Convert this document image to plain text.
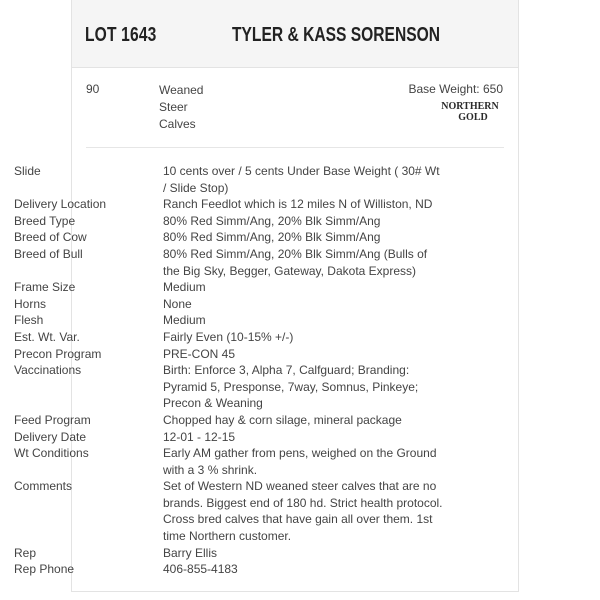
LOT 1643	TYLER & KASS SORENSON
90	Weaned
Steer
Calves
Base Weight: 650
NORTHERN
GOLD
Slide	10 cents over / 5 cents Under Base Weight ( 30# Wt / Slide Stop)
Delivery Location	Ranch Feedlot which is 12 miles N of Williston, ND
Breed Type	80% Red Simm/Ang, 20% Blk Simm/Ang
Breed of Cow	80% Red Simm/Ang, 20% Blk Simm/Ang
Breed of Bull	80% Red Simm/Ang, 20% Blk Simm/Ang (Bulls of the Big Sky, Begger, Gateway, Dakota Express)
Frame Size	Medium
Horns	None
Flesh	Medium
Est. Wt. Var.	Fairly Even (10-15% +/-)
Precon Program	PRE-CON 45
Vaccinations	Birth: Enforce 3, Alpha 7, Calfguard; Branding: Pyramid 5, Presponse, 7way, Somnus, Pinkeye; Precon & Weaning
Feed Program	Chopped hay & corn silage, mineral package
Delivery Date	12-01 - 12-15
Wt Conditions	Early AM gather from pens, weighed on the Ground with a 3 % shrink.
Comments	Set of Western ND weaned steer calves that are no brands. Biggest end of 180 hd. Strict health protocol. Cross bred calves that have gain all over them. 1st time Northern customer.
Rep	Barry Ellis
Rep Phone	406-855-4183
